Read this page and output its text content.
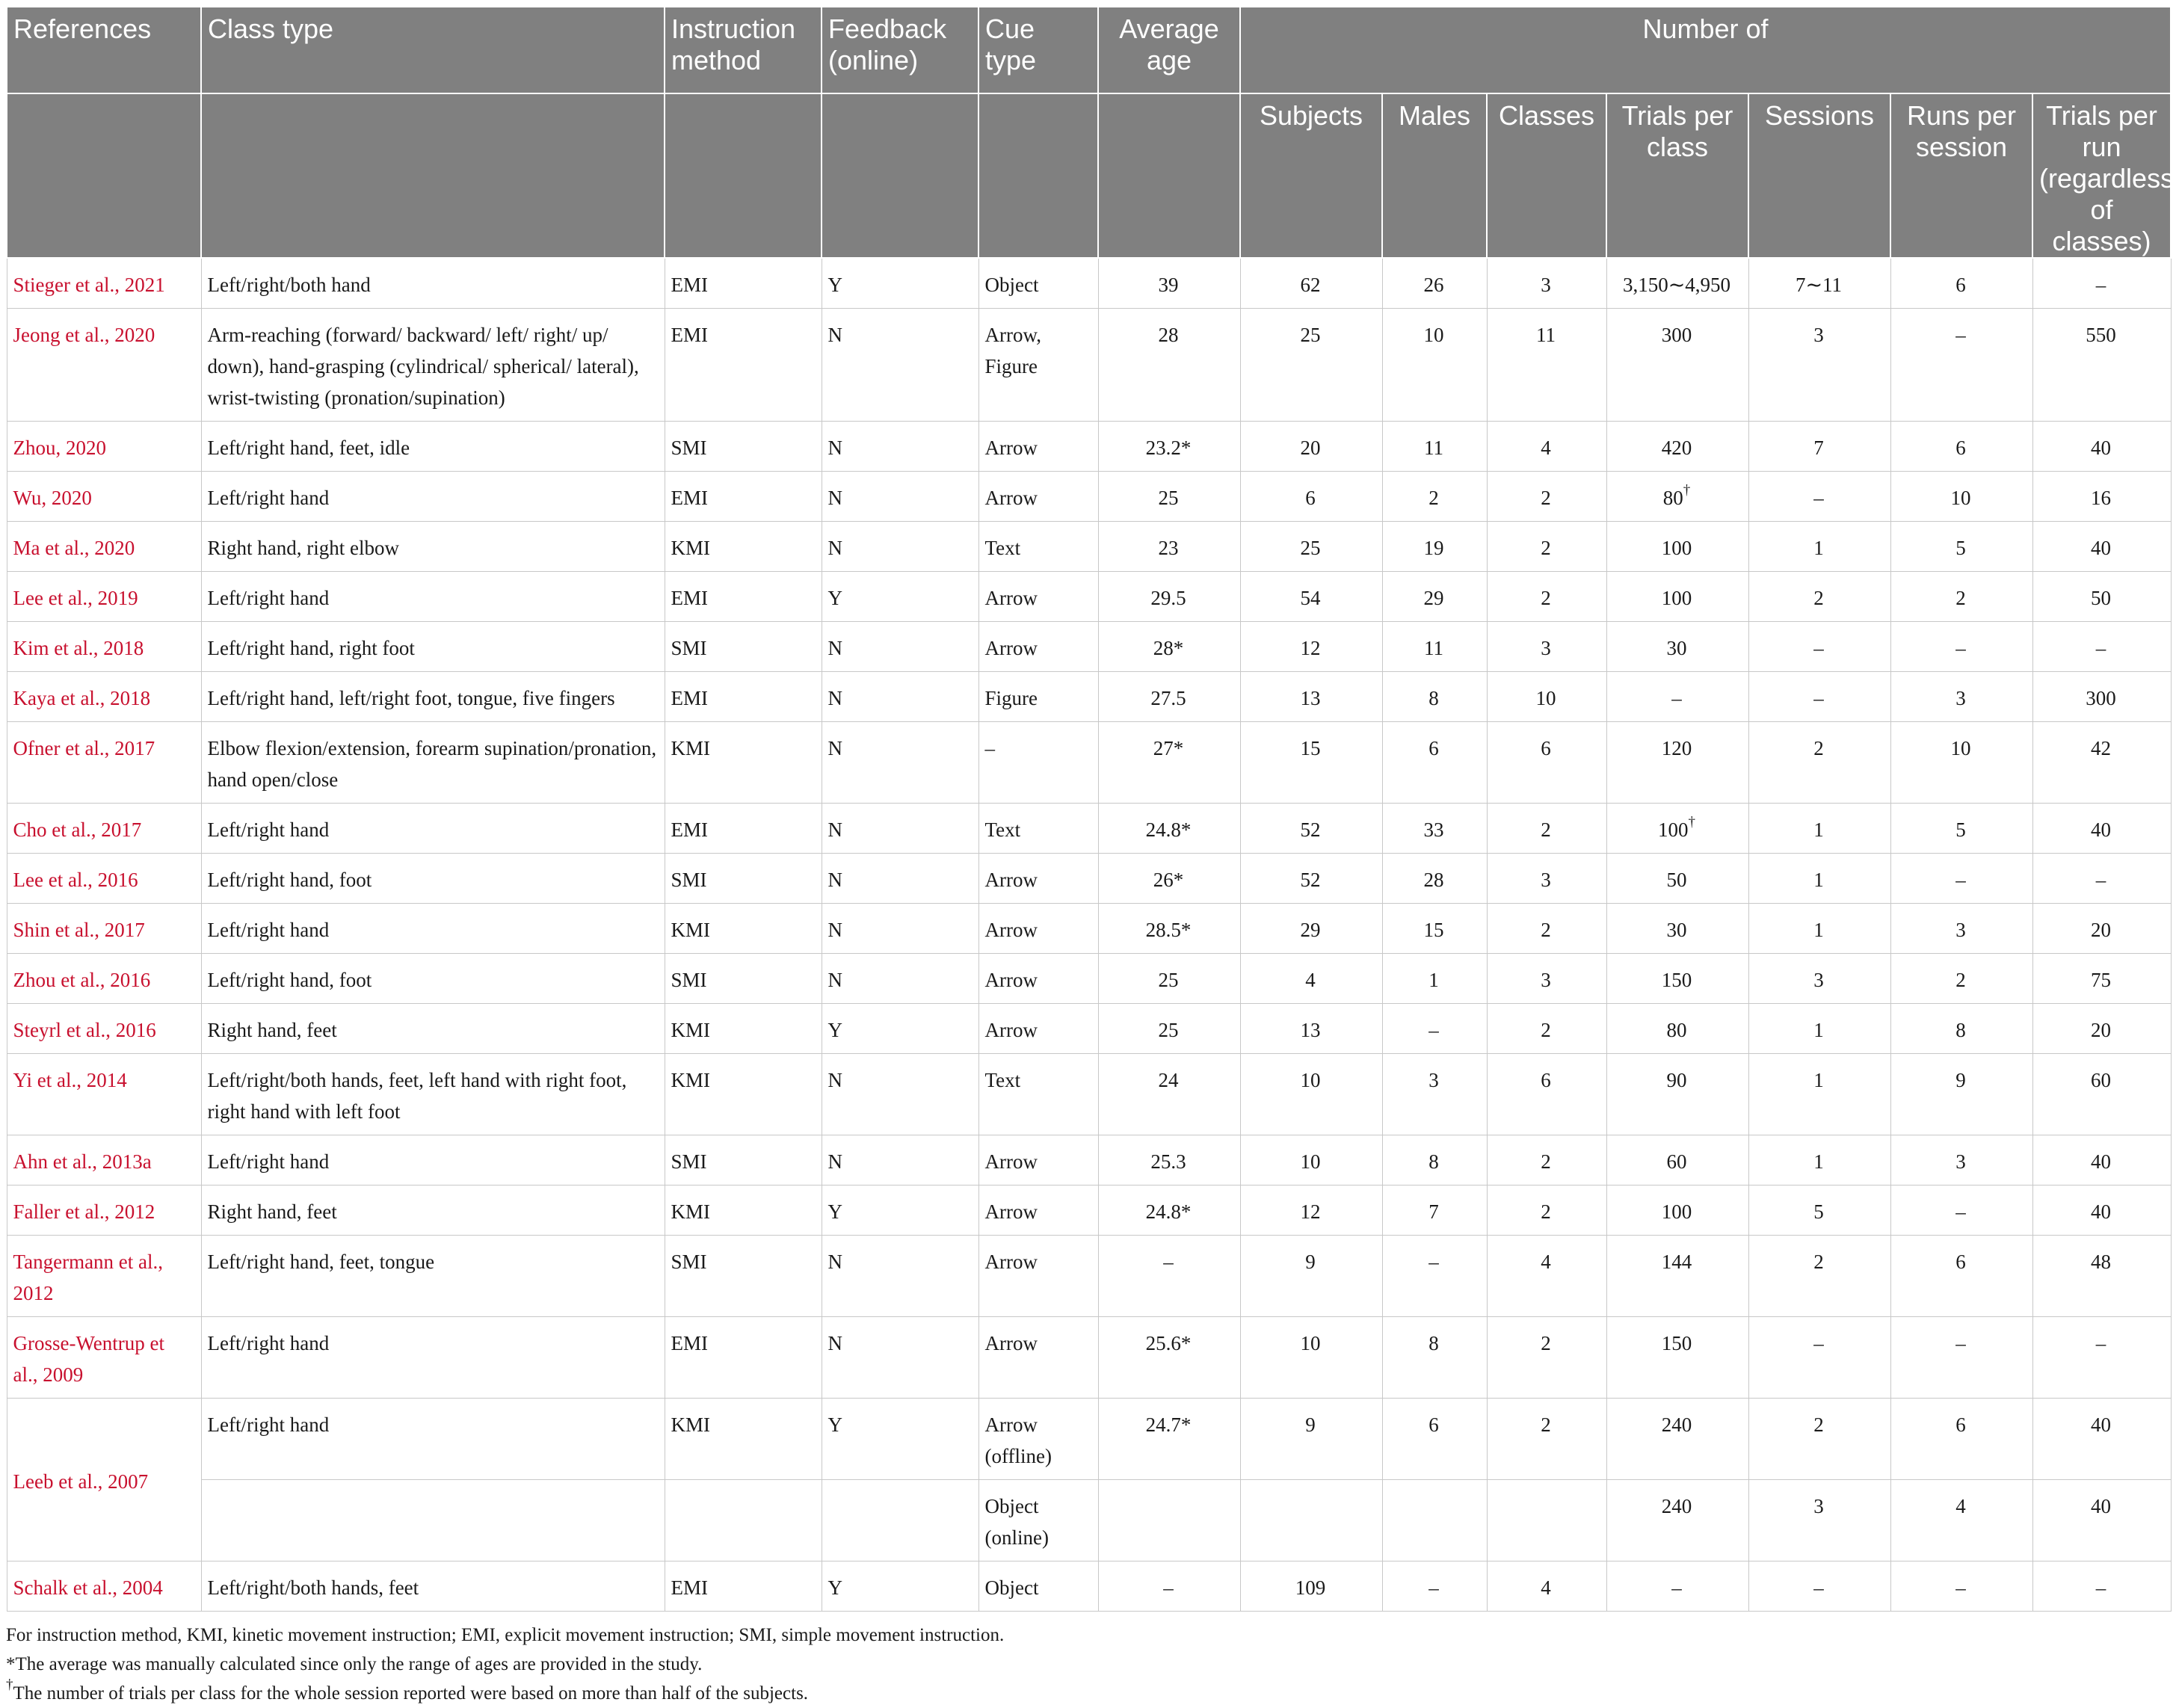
References	Class type	Instruction method	Feedback (online)	Cue type	Average age	Number of						
						Subjects	Males	Classes	Trials per class	Sessions	Runs per session	Trials per run (regardless of classes)
Stieger et al., 2021	Left/right/both hand	EMI	Y	Object	39	62	26	3	3,150∼4,950	7∼11	6	–
Jeong et al., 2020	Arm-reaching (forward/ backward/ left/ right/ up/ down), hand-grasping (cylindrical/ spherical/ lateral), wrist-twisting (pronation/supination)	EMI	N	Arrow, Figure	28	25	10	11	300	3	–	550
Zhou, 2020	Left/right hand, feet, idle	SMI	N	Arrow	23.2*	20	11	4	420	7	6	40
Wu, 2020	Left/right hand	EMI	N	Arrow	25	6	2	2	80†	–	10	16
Ma et al., 2020	Right hand, right elbow	KMI	N	Text	23	25	19	2	100	1	5	40
Lee et al., 2019	Left/right hand	EMI	Y	Arrow	29.5	54	29	2	100	2	2	50
Kim et al., 2018	Left/right hand, right foot	SMI	N	Arrow	28*	12	11	3	30	–	–	–
Kaya et al., 2018	Left/right hand, left/right foot, tongue, five fingers	EMI	N	Figure	27.5	13	8	10	–	–	3	300
Ofner et al., 2017	Elbow flexion/extension, forearm supination/pronation, hand open/close	KMI	N	–	27*	15	6	6	120	2	10	42
Cho et al., 2017	Left/right hand	EMI	N	Text	24.8*	52	33	2	100†	1	5	40
Lee et al., 2016	Left/right hand, foot	SMI	N	Arrow	26*	52	28	3	50	1	–	–
Shin et al., 2017	Left/right hand	KMI	N	Arrow	28.5*	29	15	2	30	1	3	20
Zhou et al., 2016	Left/right hand, foot	SMI	N	Arrow	25	4	1	3	150	3	2	75
Steyrl et al., 2016	Right hand, feet	KMI	Y	Arrow	25	13	–	2	80	1	8	20
Yi et al., 2014	Left/right/both hands, feet, left hand with right foot, right hand with left foot	KMI	N	Text	24	10	3	6	90	1	9	60
Ahn et al., 2013a	Left/right hand	SMI	N	Arrow	25.3	10	8	2	60	1	3	40
Faller et al., 2012	Right hand, feet	KMI	Y	Arrow	24.8*	12	7	2	100	5	–	40
Tangermann et al., 2012	Left/right hand, feet, tongue	SMI	N	Arrow	–	9	–	4	144	2	6	48
Grosse-Wentrup et al., 2009	Left/right hand	EMI	N	Arrow	25.6*	10	8	2	150	–	–	–
Leeb et al., 2007	Left/right hand	KMI	Y	Arrow (offline)	24.7*	9	6	2	240	2	6	40
				Object (online)					240	3	4	40
Schalk et al., 2004	Left/right/both hands, feet	EMI	Y	Object	–	109	–	4	–	–	–	–
For instruction method, KMI, kinetic movement instruction; EMI, explicit movement instruction; SMI, simple movement instruction.
*The average was manually calculated since only the range of ages are provided in the study.
†The number of trials per class for the whole session reported were based on more than half of the subjects.
